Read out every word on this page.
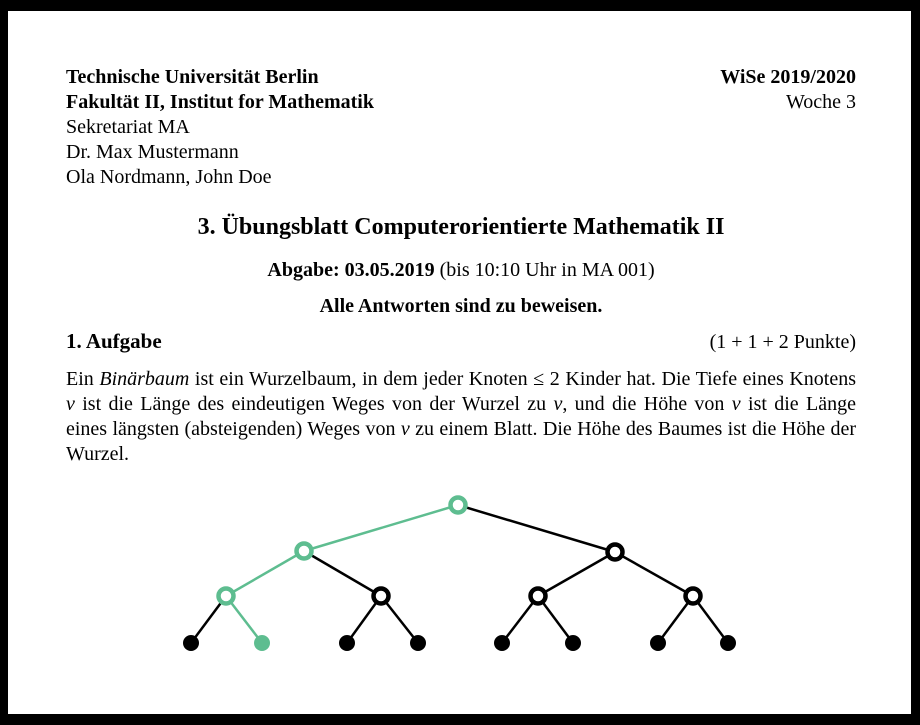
Technische Universität Berlin
Fakultät II, Institut for Mathematik
Sekretariat MA
Dr. Max Mustermann
Ola Nordmann, John Doe
WiSe 2019/2020
Woche 3
3. Übungsblatt Computerorientierte Mathematik II
Abgabe: 03.05.2019 (bis 10:10 Uhr in MA 001)
Alle Antworten sind zu beweisen.
1. Aufgabe	(1 + 1 + 2 Punkte)
Ein Binärbaum ist ein Wurzelbaum, in dem jeder Knoten ≤ 2 Kinder hat. Die Tiefe eines Knotens v ist die Länge des eindeutigen Weges von der Wurzel zu v, und die Höhe von v ist die Länge eines längsten (absteigenden) Weges von v zu einem Blatt. Die Höhe des Baumes ist die Höhe der Wurzel.
